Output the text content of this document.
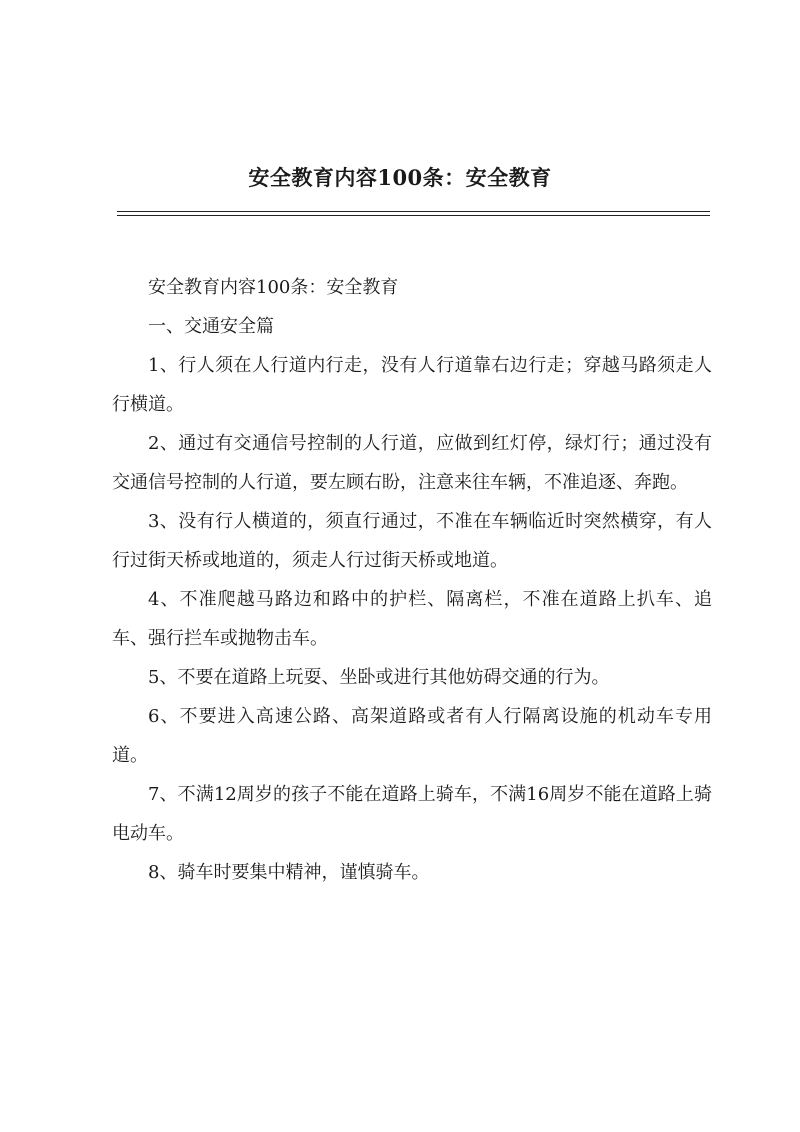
安全教育内容100条：安全教育

安全教育内容100条：安全教育

一、交通安全篇

1、行人须在人行道内行走，没有人行道靠右边行走；穿越马路须走人行横道。

2、通过有交通信号控制的人行道，应做到红灯停，绿灯行；通过没有交通信号控制的人行道，要左顾右盼，注意来往车辆，不准追逐、奔跑。

3、没有行人横道的，须直行通过，不准在车辆临近时突然横穿，有人行过街天桥或地道的，须走人行过街天桥或地道。

4、不准爬越马路边和路中的护栏、隔离栏，不准在道路上扒车、追车、强行拦车或抛物击车。

5、不要在道路上玩耍、坐卧或进行其他妨碍交通的行为。

6、不要进入高速公路、高架道路或者有人行隔离设施的机动车专用道。

7、不满12周岁的孩子不能在道路上骑车，不满16周岁不能在道路上骑电动车。

8、骑车时要集中精神，谨慎骑车。
